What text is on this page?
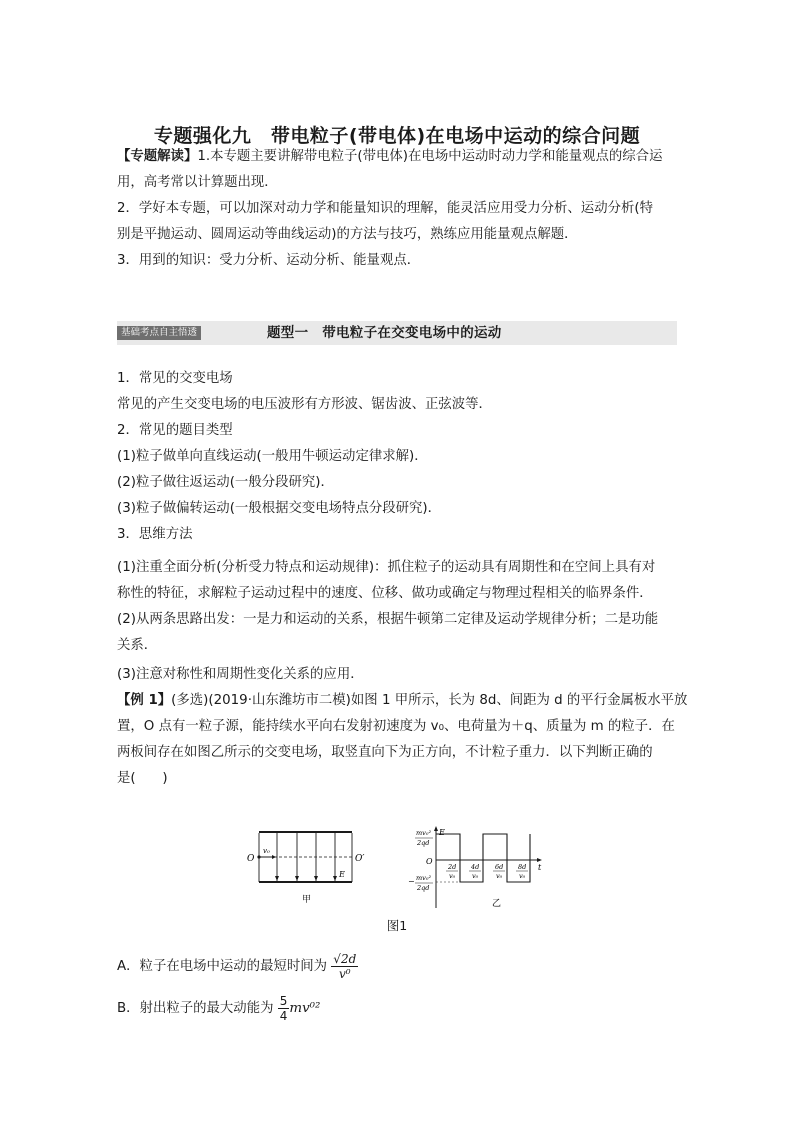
专题强化九　带电粒子(带电体)在电场中运动的综合问题
【专题解读】1.本专题主要讲解带电粒子(带电体)在电场中运动时动力学和能量观点的综合运
用，高考常以计算题出现．
2．学好本专题，可以加深对动力学和能量知识的理解，能灵活应用受力分析、运动分析(特
别是平抛运动、圆周运动等曲线运动)的方法与技巧，熟练应用能量观点解题．
3．用到的知识：受力分析、运动分析、能量观点．
基础考点自主悟透	题型一　带电粒子在交变电场中的运动
1．常见的交变电场
常见的产生交变电场的电压波形有方形波、锯齿波、正弦波等．
2．常见的题目类型
(1)粒子做单向直线运动(一般用牛顿运动定律求解)．
(2)粒子做往返运动(一般分段研究)．
(3)粒子做偏转运动(一般根据交变电场特点分段研究)．
3．思维方法
(1)注重全面分析(分析受力特点和运动规律)：抓住粒子的运动具有周期性和在空间上具有对
称性的特征，求解粒子运动过程中的速度、位移、做功或确定与物理过程相关的临界条件．
(2)从两条思路出发：一是力和运动的关系，根据牛顿第二定律及运动学规律分析；二是功能
关系．
(3)注意对称性和周期性变化关系的应用．
【例 1】(多选)(2019·山东潍坊市二模)如图 1 甲所示，长为 8d、间距为 d 的平行金属板水平放
置，O 点有一粒子源，能持续水平向右发射初速度为 v₀、电荷量为＋q、质量为 m 的粒子．在
两板间存在如图乙所示的交变电场，取竖直向下为正方向，不计粒子重力．以下判断正确的
是(　　)
O	O′
v₀
E
甲
E
t
O
mv₀²
2qd
− mv₀²
2qd
2d
v₀
4d
v₀
6d
v₀
8d
v₀
乙
图1
A．粒子在电场中运动的最短时间为 $\frac{√2d}{\text{v⁰}}$
B．射出粒子的最大动能为 $\frac{5}{4} mv^{02}$
